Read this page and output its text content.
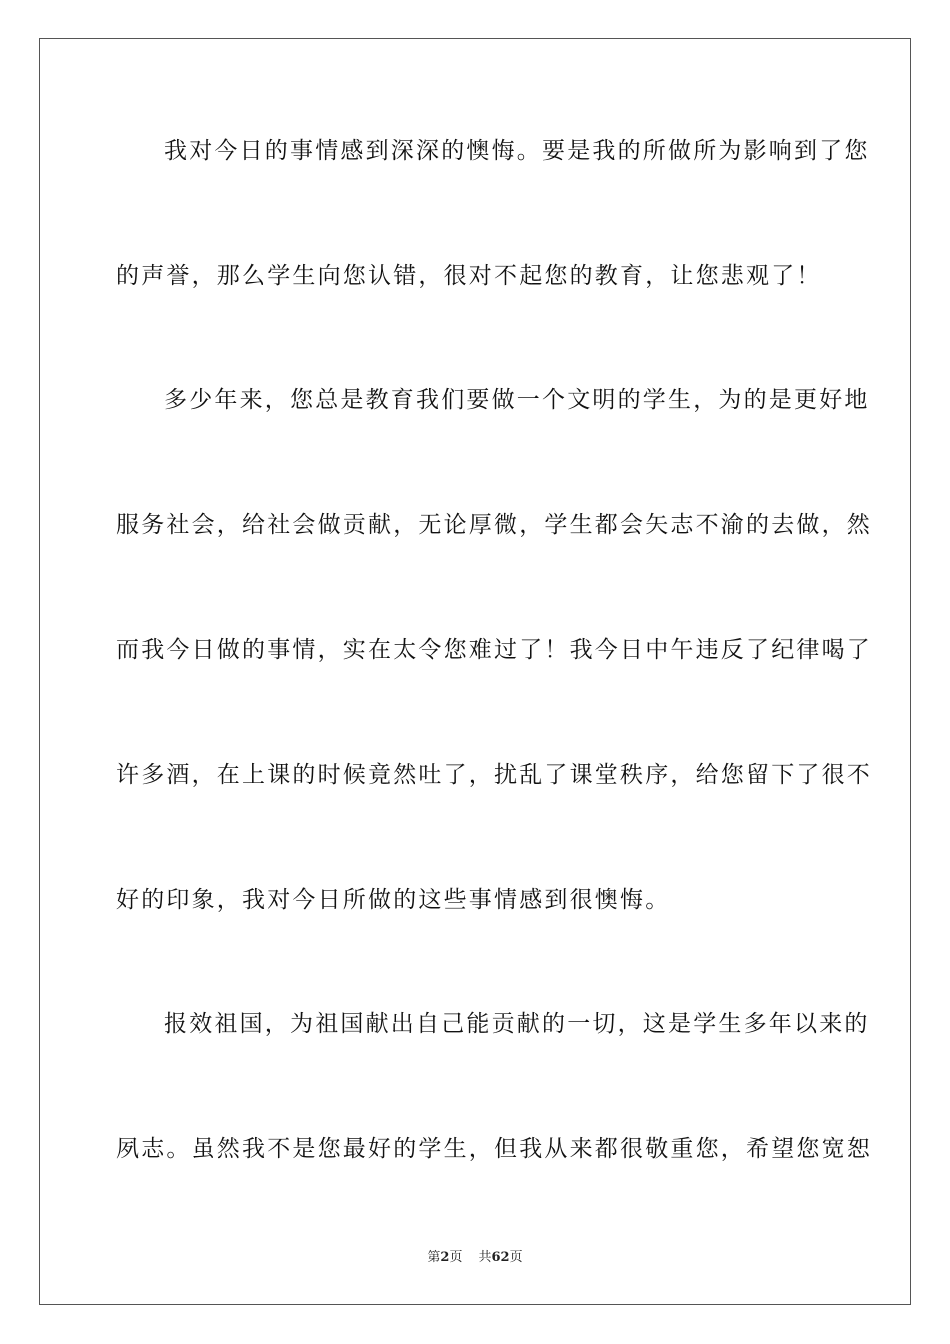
我对今日的事情感到深深的懊悔。要是我的所做所为影响到了您
的声誉，那么学生向您认错，很对不起您的教育，让您悲观了！
多少年来，您总是教育我们要做一个文明的学生，为的是更好地
服务社会，给社会做贡献，无论厚微，学生都会矢志不渝的去做，然
而我今日做的事情，实在太令您难过了！我今日中午违反了纪律喝了
许多酒，在上课的时候竟然吐了，扰乱了课堂秩序，给您留下了很不
好的印象，我对今日所做的这些事情感到很懊悔。
报效祖国，为祖国献出自己能贡献的一切，这是学生多年以来的
夙志。虽然我不是您最好的学生，但我从来都很敬重您，希望您宽恕
第2页 共62页
